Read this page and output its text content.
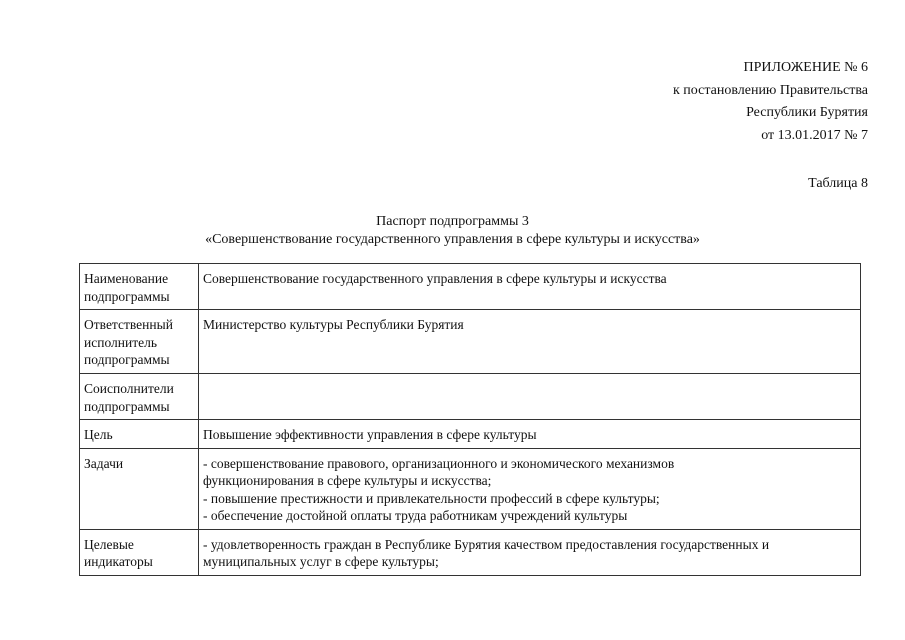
ПРИЛОЖЕНИЕ № 6
к постановлению Правительства
Республики Бурятия
от 13.01.2017 № 7
Таблица 8
Паспорт подпрограммы 3
«Совершенствование государственного управления в сфере культуры и искусства»
Наименование
подпрограммы	Совершенствование государственного управления в сфере культуры и искусства

Ответственный
исполнитель
подпрограммы	Министерство культуры Республики Бурятия

Соисполнители
подпрограммы	

Цель	Повышение эффективности управления в сфере культуры
Задачи	- совершенствование правового, организационного и экономического механизмов
функционирования в сфере культуры и искусства;
- повышение престижности и привлекательности профессий в сфере культуры;
- обеспечение достойной оплаты труда работникам учреждений культуры

Целевые
индикаторы	- удовлетворенность граждан в Республике Бурятия качеством предоставления государственных и
муниципальных услуг в сфере культуры;
